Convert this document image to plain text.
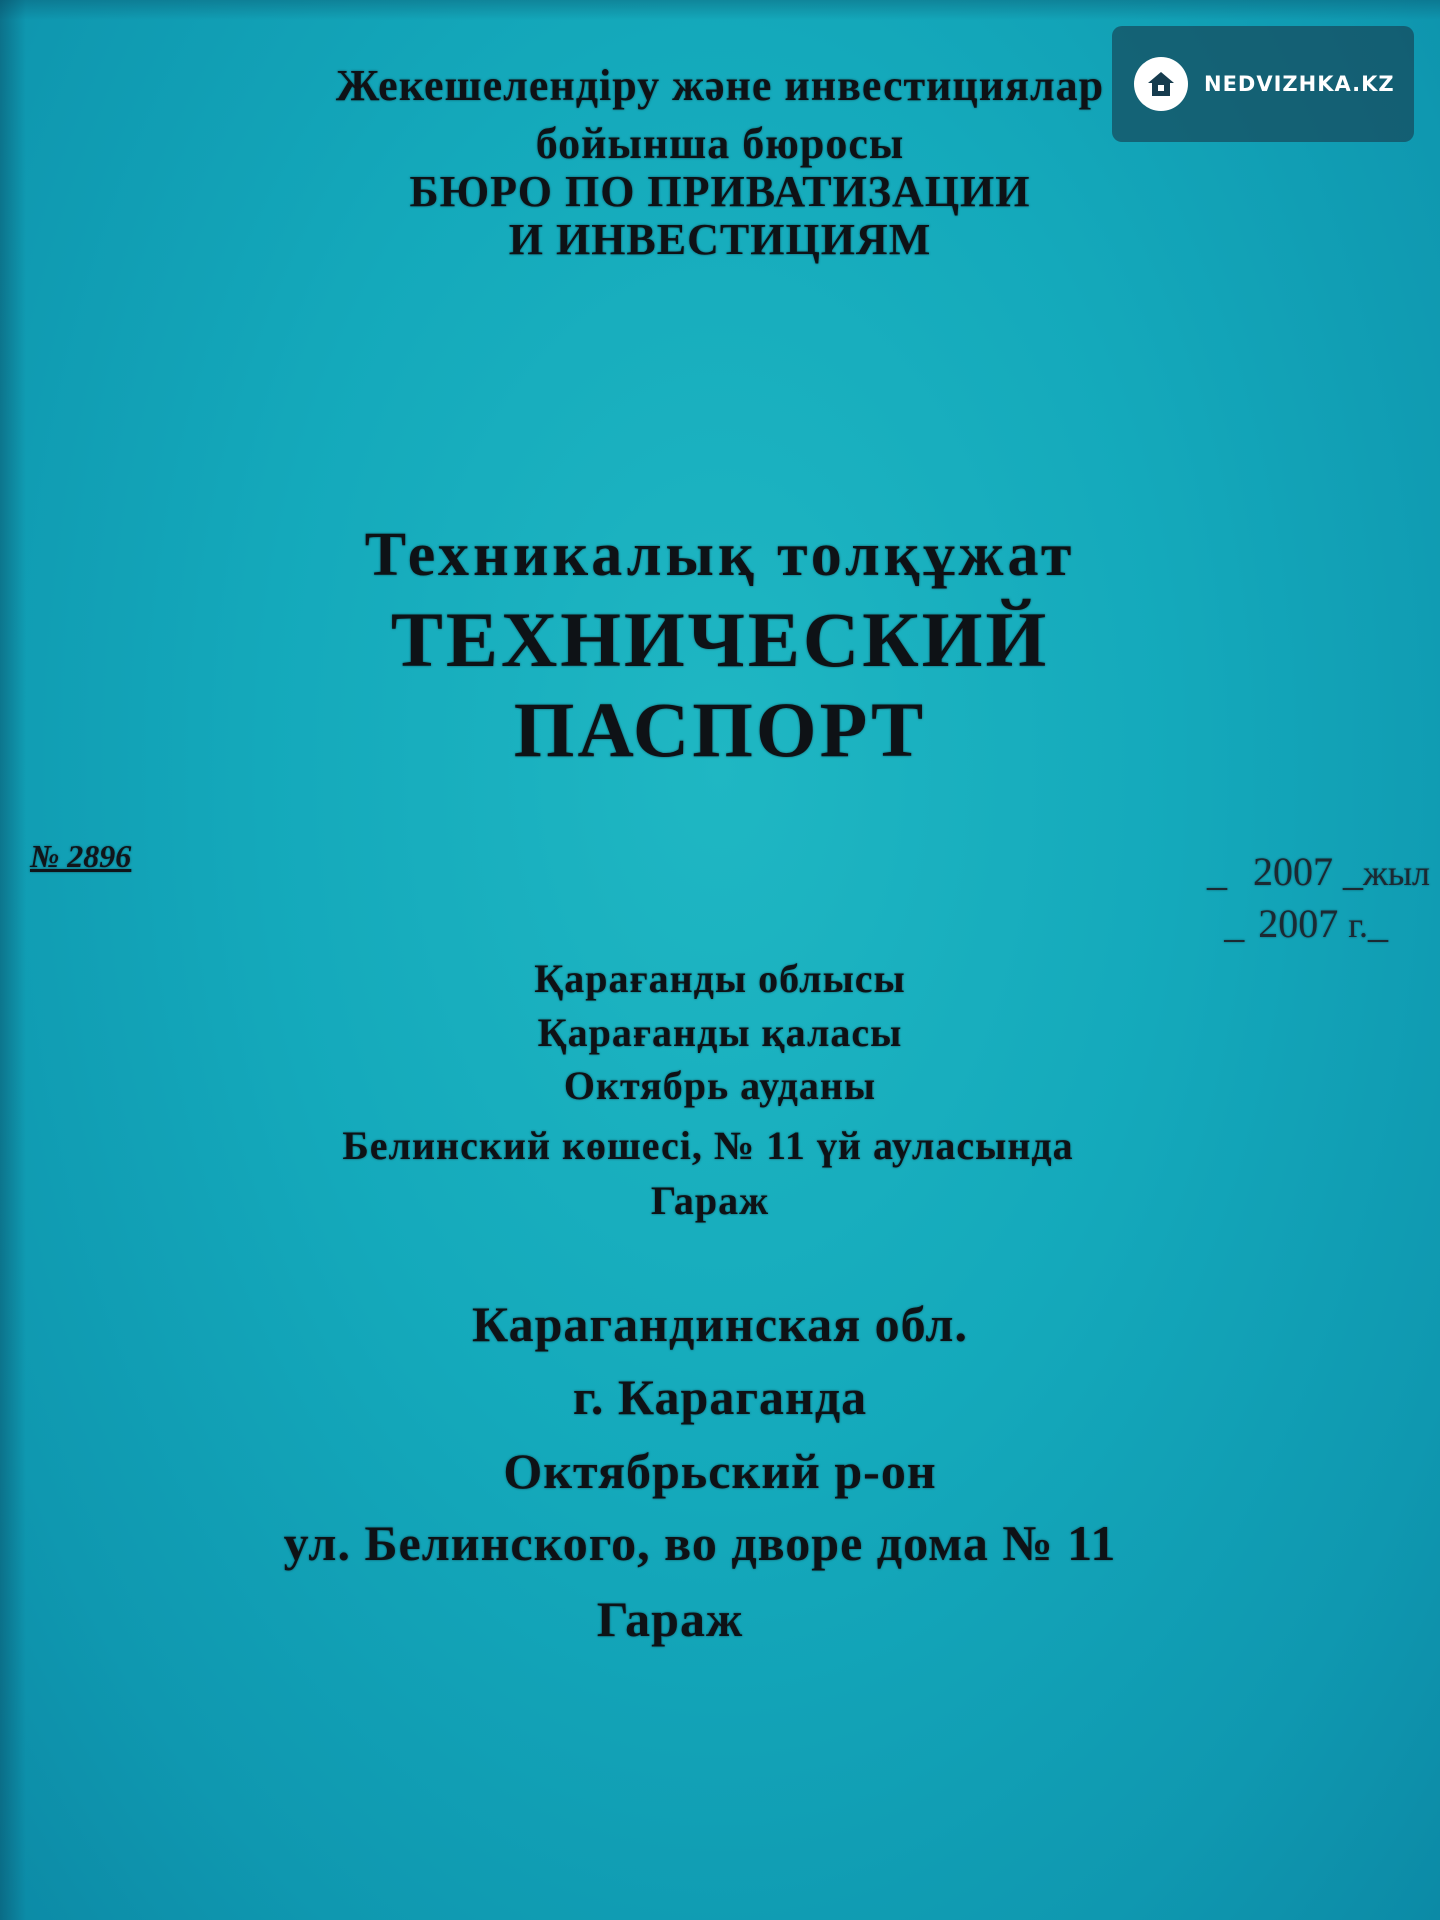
Жекешелендіру және инвестициялар
бойынша бюросы
БЮРО ПО ПРИВАТИЗАЦИИ
И ИНВЕСТИЦИЯМ
Техникалық толқұжат
ТЕХНИЧЕСКИЙ
ПАСПОРТ
№ 2896	_  2007 _жыл
_ 2007 г._
Қарағанды облысы
Қарағанды қаласы
Октябрь ауданы
Белинский көшесі, № 11 үй ауласында
Гараж
Карагандинская обл.
г. Караганда
Октябрьский р-он
ул. Белинского, во дворе дома № 11
Гараж
NEDVIZHKA.KZ
